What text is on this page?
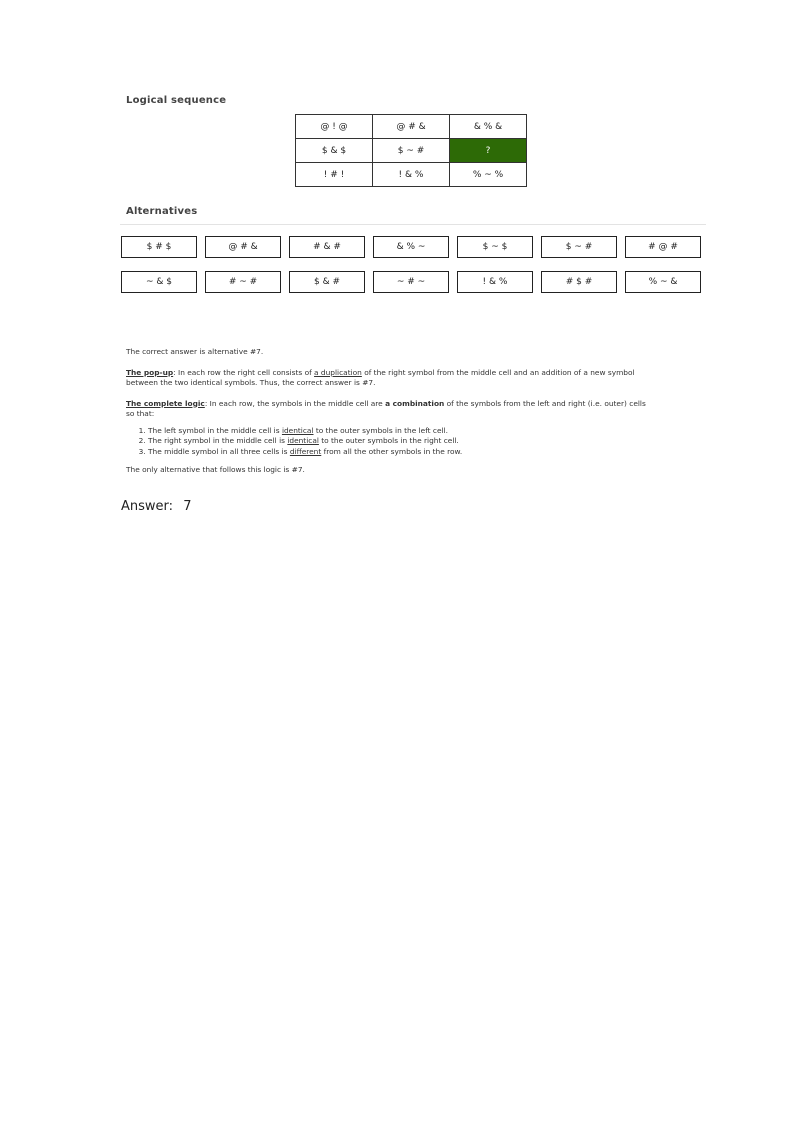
Logical sequence
@ ! @	@ # &	& % &
$ & $	$ ~ #	?
! # !	! & %	% ~ %
Alternatives
$ # $	@ # &	# & #	& % ~	$ ~ $	$ ~ #	# @ #
~ & $	# ~ #	$ & #	~ # ~	! & %	# $ #	% ~ &

The correct answer is alternative #7.

The pop-up: In each row the right cell consists of a duplication of the right symbol from the middle cell and an addition of a new symbol between the two identical symbols. Thus, the correct answer is #7.

The complete logic: In each row, the symbols in the middle cell are a combination of the symbols from the left and right (i.e. outer) cells so that:

1. The left symbol in the middle cell is identical to the outer symbols in the left cell.
2. The right symbol in the middle cell is identical to the outer symbols in the right cell.
3. The middle symbol in all three cells is different from all the other symbols in the row.

The only alternative that follows this logic is #7.

Answer: 7
